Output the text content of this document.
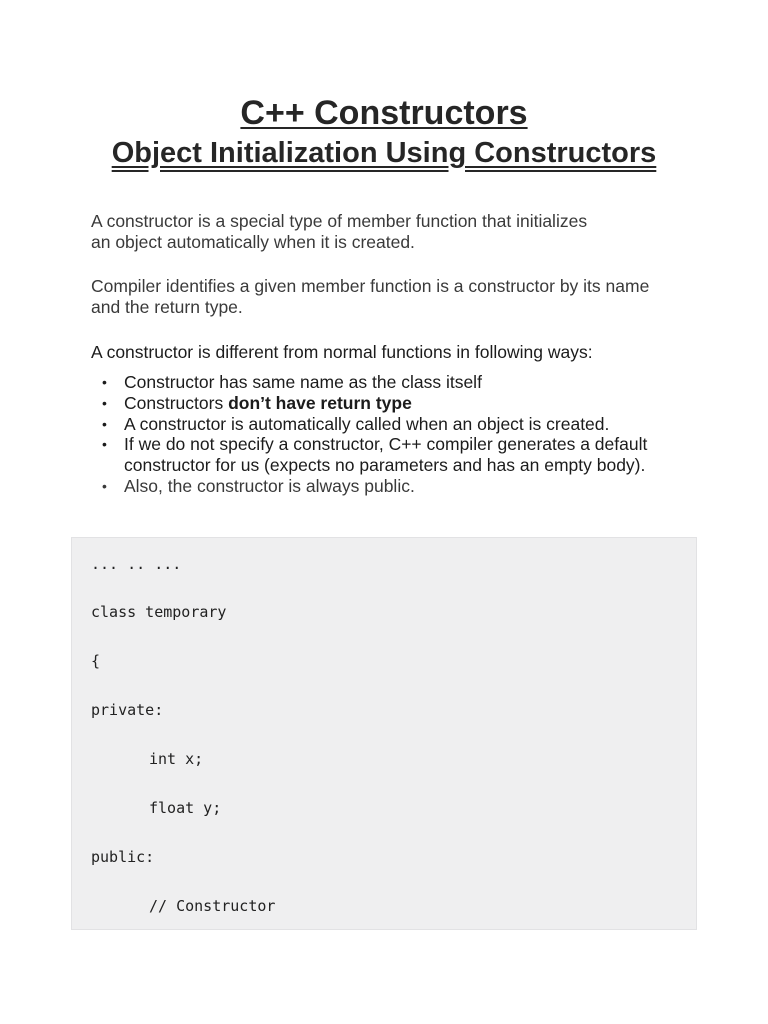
C++ Constructors
Object Initialization Using Constructors

A constructor is a special type of member function that initializes
an object automatically when it is created.

Compiler identifies a given member function is a constructor by its name
and the return type.

A constructor is different from normal functions in following ways:

• Constructor has same name as the class itself
• Constructors don’t have return type
• A constructor is automatically called when an object is created.
• If we do not specify a constructor, C++ compiler generates a default
constructor for us (expects no parameters and has an empty body).
• Also, the constructor is always public.
... .. ...
class temporary
{
private:
int x;
float y;
public:
// Constructor
